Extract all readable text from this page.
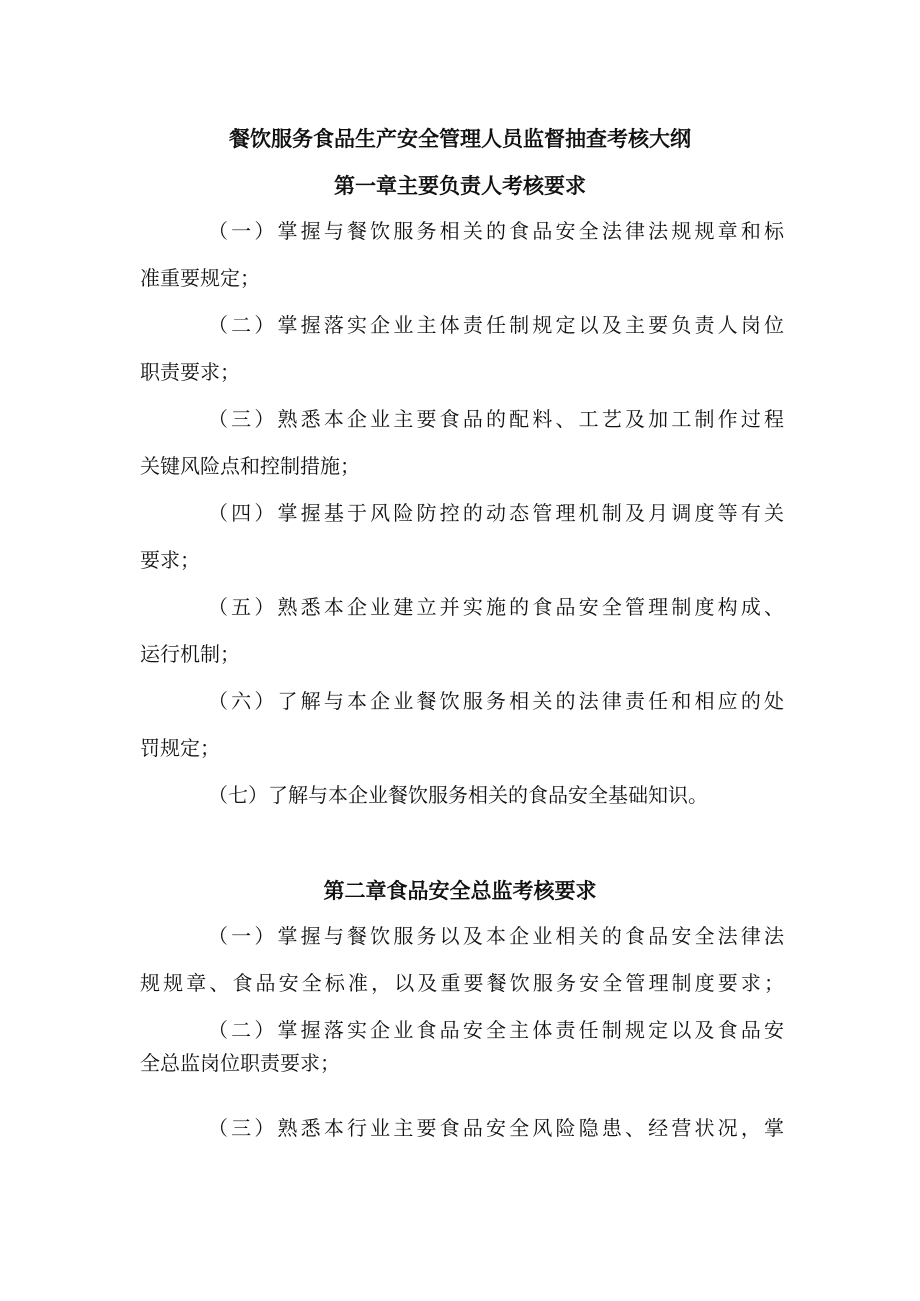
餐饮服务食品生产安全管理人员监督抽查考核大纲
第一章主要负责人考核要求
（一）掌握与餐饮服务相关的食品安全法律法规规章和标
准重要规定；
（二）掌握落实企业主体责任制规定以及主要负责人岗位
职责要求；
（三）熟悉本企业主要食品的配料、工艺及加工制作过程
关键风险点和控制措施；
（四）掌握基于风险防控的动态管理机制及月调度等有关
要求；
（五）熟悉本企业建立并实施的食品安全管理制度构成、
运行机制；
（六）了解与本企业餐饮服务相关的法律责任和相应的处
罚规定；
（七）了解与本企业餐饮服务相关的食品安全基础知识。
第二章食品安全总监考核要求
（一）掌握与餐饮服务以及本企业相关的食品安全法律法
规规章、食品安全标准，以及重要餐饮服务安全管理制度要求；
（二）掌握落实企业食品安全主体责任制规定以及食品安
全总监岗位职责要求；
（三）熟悉本行业主要食品安全风险隐患、经营状况，掌
